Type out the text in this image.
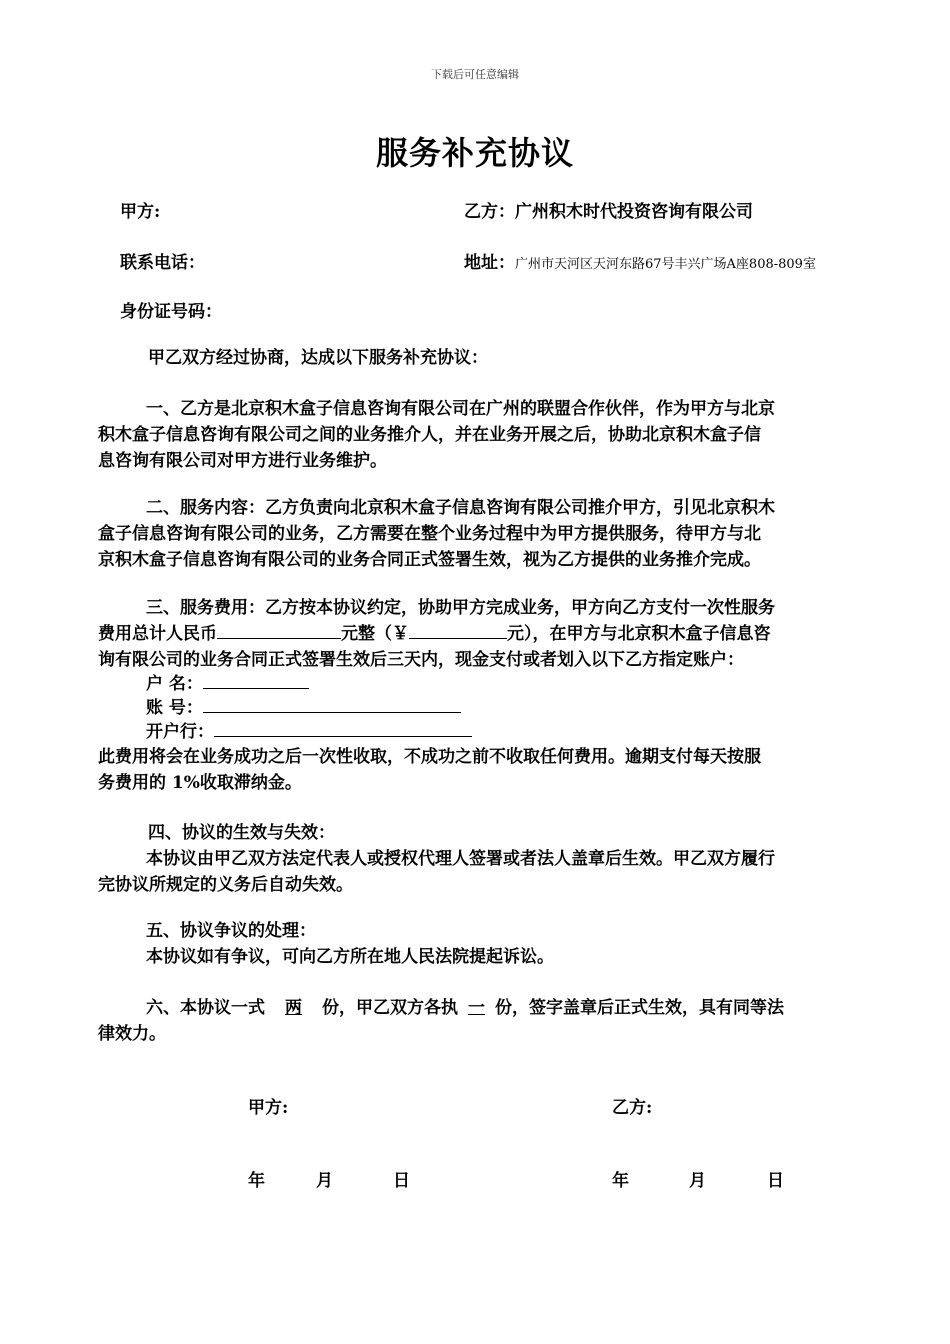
下载后可任意编辑
服务补充协议
甲方:	乙方：广州积木时代投资咨询有限公司
联系电话：	地址：广州市天河区天河东路67号丰兴广场A座808-809室
身份证号码：
甲乙双方经过协商，达成以下服务补充协议：
一、乙方是北京积木盒子信息咨询有限公司在广州的联盟合作伙伴，作为甲方与北京
积木盒子信息咨询有限公司之间的业务推介人，并在业务开展之后，协助北京积木盒子信
息咨询有限公司对甲方进行业务维护。
二、服务内容：乙方负责向北京积木盒子信息咨询有限公司推介甲方，引见北京积木
盒子信息咨询有限公司的业务，乙方需要在整个业务过程中为甲方提供服务，待甲方与北
京积木盒子信息咨询有限公司的业务合同正式签署生效，视为乙方提供的业务推介完成。
三、服务费用：乙方按本协议约定，协助甲方完成业务，甲方向乙方支付一次性服务
费用总计人民币	元整（￥	元），在甲方与北京积木盒子信息咨
询有限公司的业务合同正式签署生效后三天内，现金支付或者划入以下乙方指定账户：
户 名：
账 号：
开户行：
此费用将会在业务成功之后一次性收取，不成功之前不收取任何费用。逾期支付每天按服
务费用的 1%收取滞纳金。
四、协议的生效与失效：
本协议由甲乙双方法定代表人或授权代理人签署或者法人盖章后生效。甲乙双方履行
完协议所规定的义务后自动失效。
五、协议争议的处理：
本协议如有争议，可向乙方所在地人民法院提起诉讼。
六、本协议一式 两 份，甲乙双方各执 一 份，签字盖章后正式生效，具有同等法
律效力。
甲方:	乙方:
年	月	日	年	月	日
